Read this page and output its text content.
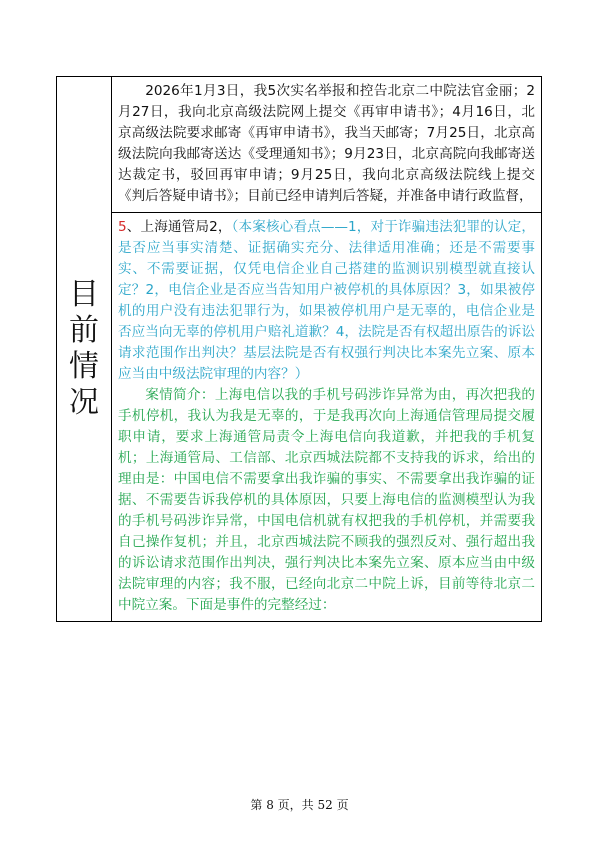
目前情况	

2026年1月3日，我5次实名举报和控告北京二中院法官金丽；2月27日，我向北京高级法院网上提交《再审申请书》；4月16日，北京高级法院要求邮寄《再审申请书》，我当天邮寄；7月25日，北京高级法院向我邮寄送达《受理通知书》；9月23日，北京高院向我邮寄送达裁定书，驳回再审申请；9月25日，我向北京高级法院线上提交《判后答疑申请书》；目前已经申请判后答疑，并准备申请行政监督，

5、上海通管局2，（本案核心看点——1，对于诈骗违法犯罪的认定，是否应当事实清楚、证据确实充分、法律适用准确；还是不需要事实、不需要证据，仅凭电信企业自己搭建的监测识别模型就直接认定？2，电信企业是否应当告知用户被停机的具体原因？3，如果被停机的用户没有违法犯罪行为，如果被停机用户是无辜的，电信企业是否应当向无辜的停机用户赔礼道歉？4，法院是否有权超出原告的诉讼请求范围作出判决？基层法院是否有权强行判决比本案先立案、原本应当由中级法院审理的内容？）

案情简介：上海电信以我的手机号码涉诈异常为由，再次把我的手机停机，我认为我是无辜的，于是我再次向上海通信管理局提交履职申请，要求上海通管局责令上海电信向我道歉，并把我的手机复机；上海通管局、工信部、北京西城法院都不支持我的诉求，给出的理由是：中国电信不需要拿出我诈骗的事实、不需要拿出我诈骗的证据、不需要告诉我停机的具体原因，只要上海电信的监测模型认为我的手机号码涉诈异常，中国电信机就有权把我的手机停机，并需要我自己操作复机；并且，北京西城法院不顾我的强烈反对、强行超出我的诉讼请求范围作出判决，强行判决比本案先立案、原本应当由中级法院审理的内容；我不服，已经向北京二中院上诉，目前等待北京二中院立案。下面是事件的完整经过：

第 8 页，共 52 页
